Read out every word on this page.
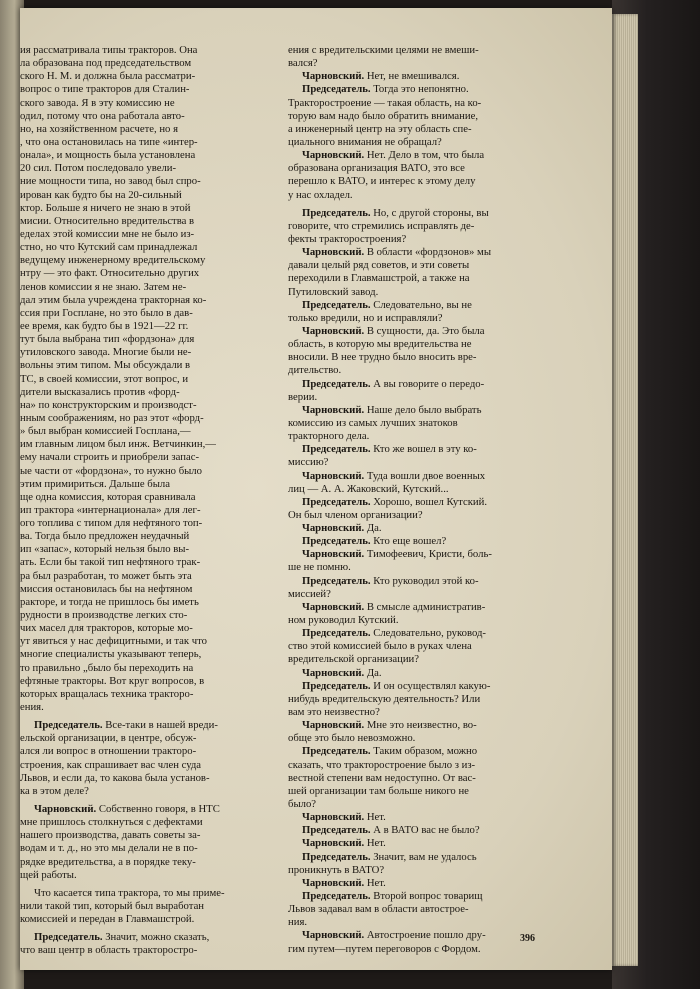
ия рассматривала типы тракторов. Она
ла образована под председательством
ского Н. М. и должна была рассматри-
вопрос о типе тракторов для Сталин-
ского завода. Я в эту комиссию не
одил, потому что она работала авто-
но, на хозяйственном расчете, но я
, что она остановилась на типе «интер-
онала», и мощность была установлена
20 сил. Потом последовало увели-
ние мощности типа, но завод был спро-
ирован как будто бы на 20-сильный
ктор. Больше я ничего не знаю в этой
мисии. Относительно вредительства в
еделах этой комиссии мне не было из-
стно, но что Кутский сам принадлежал
ведущему инженерному вредительскому
нтру — это факт. Относительно других
ленов комиссии я не знаю. Затем не-
дал этим была учреждена тракторная ко-
ссия при Госплане, но это было в дав-
ее время, как будто бы в 1921—22 гг.
тут была выбрана тип «фордзона» для
утиловского завода. Многие были не-
вольны этим типом. Мы обсуждали в
ТС, в своей комиссии, этот вопрос, и
дители высказались против «форд-
на» по конструкторским и производст-
нным соображениям, но раз этот «форд-
» был выбран комиссией Госплана,—
им главным лицом был инж. Ветчинкин,—
ему начали строить и приобрели запас-
ые части от «фордзона», то нужно было
этим примириться. Дальше была
ще одна комиссия, которая сравнивала
ип трактора «интернационала» для лег-
ого топлива с типом для нефтяного топ-
ва. Тогда было предложен неудачный
ип «запас», который нельзя было вы-
ать. Если бы такой тип нефтяного трак-
ра был разработан, то может быть эта
миссия остановилась бы на нефтяном
ракторе, и тогда не пришлось бы иметь
рудности в производстве легких сто-
чих масел для тракторов, которые мо-
ут явиться у нас дефицитными, и так что
многие специалисты указывают теперь,
то правильно „было бы переходить на
ефтяные тракторы. Вот круг вопросов, в
которых вращалась техника тракторо-
ения.
Председатель. Все-таки в нашей вреди-
ельской организации, в центре, обсуж-
ался ли вопрос в отношении тракторо-
строения, как спрашивает вас член суда
Львов, и если да, то какова была установ-
ка в этом деле?
Чарновский. Собственно говоря, в НТС
мне пришлось столкнуться с дефектами
нашего производства, давать советы за-
водам и т. д., но это мы делали не в по-
рядке вредительства, а в порядке теку-
щей работы.
Что касается типа трактора, то мы приме-
нили такой тип, который был выработан
комиссией и передан в Главмашстрой.
Председатель. Значит, можно сказать,
что ваш центр в область тракторостро-
ения с вредительскими целями не вмеши-
вался?
Чарновский. Нет, не вмешивался.
Председатель. Тогда это непонятно.
Тракторостроение — такая область, на ко-
торую вам надо было обратить внимание,
а инженерный центр на эту область спе-
циального внимания не обращал?
Чарновский. Нет. Дело в том, что была
образована организация ВАТО, это все
перешло к ВАТО, и интерес к этому делу
у нас охладел.
Председатель. Но, с другой стороны, вы
говорите, что стремились исправлять де-
фекты тракторостроения?
Чарновский. В области «фордзонов» мы
давали целый ряд советов, и эти советы
переходили в Главмашстрой, а также на
Путиловский завод.
Председатель. Следовательно, вы не
только вредили, но и исправляли?
Чарновский. В сущности, да. Это была
область, в которую мы вредительства не
вносили. В нее трудно было вносить вре-
дительство.
Председатель. А вы говорите о передо-
верии.
Чарновский. Наше дело было выбрать
комиссию из самых лучших знатоков
тракторного дела.
Председатель. Кто же вошел в эту ко-
миссию?
Чарновский. Туда вошли двое военных
лиц — А. А. Жаковский, Кутский...
Председатель. Хорошо, вошел Кутский.
Он был членом организации?
Чарновский. Да.
Председатель. Кто еще вошел?
Чарновский. Тимофеевич, Кристи, боль-
ше не помню.
Председатель. Кто руководил этой ко-
миссией?
Чарновский. В смысле административ-
ном руководил Кутский.
Председатель. Следовательно, руковод-
ство этой комиссией было в руках члена
вредительской организации?
Чарновский. Да.
Председатель. И он осуществлял какую-
нибудь вредительскую деятельность? Или
вам это неизвестно?
Чарновский. Мне это неизвестно, во-
обще это было невозможно.
Председатель. Таким образом, можно
сказать, что тракторостроение было з из-
вестной степени вам недоступно. От вас-
шей организации там больше никого не
было?
Чарновский. Нет.
Председатель. А в ВАТО вас не было?
Чарновский. Нет.
Председатель. Значит, вам не удалось
проникнуть в ВАТО?
Чарновский. Нет.
Председатель. Второй вопрос товарищ
Львов задавал вам в области автострое-
ния.
Чарновский. Автостроение пошло дру-
гим путем—путем переговоров с Фордом.
396
